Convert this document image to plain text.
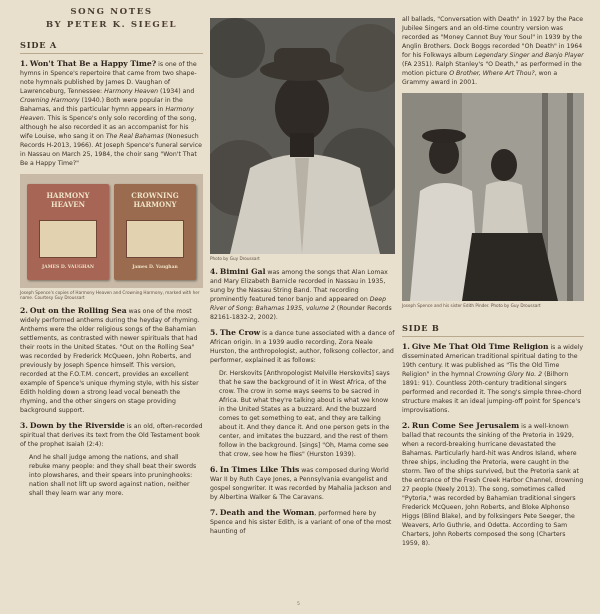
SONG NOTES
BY PETER K. SIEGEL
SIDE A
1. Won't That Be a Happy Time? is one of the hymns in Spence's repertoire that came from two shape-note hymnals published by James D. Vaughan of Lawrenceburg, Tennessee: Harmony Heaven (1934) and Crowning Harmony (1940.) Both were popular in the Bahamas, and this particular hymn appears in Harmony Heaven. This is Spence's only solo recording of the song, although he also recorded it as an accompanist for his wife Louise, who sang it on The Real Bahamas (Nonesuch Records H-2013, 1966). At Joseph Spence's funeral service in Nassau on March 25, 1984, the choir sang "Won't That Be a Happy Time?"
HARMONY
HEAVEN
JAMES D. VAUGHAN
CROWNING
HARMONY
James D. Vaughan
Joseph Spence's copies of Harmony Heaven and Crowning Harmony, marked with her name. Courtesy Guy Droussart
2. Out on the Rolling Sea was one of the most widely performed anthems during the heyday of rhyming. Anthems were the older religious songs of the Bahamian settlements, as contrasted with newer spirituals that had their roots in the United States. "Out on the Rolling Sea" was recorded by Frederick McQueen, John Roberts, and previously by Joseph Spence himself. This version, recorded at the F.O.T.M. concert, provides an excellent example of Spence's unique rhyming style, with his sister Edith holding down a strong lead vocal beneath the rhyming, and the other singers on stage providing background support.
3. Down by the Riverside is an old, often-recorded spiritual that derives its text from the Old Testament book of the prophet Isaiah (2:4):
And he shall judge among the nations, and shall rebuke many people: and they shall beat their swords into plowshares, and their spears into pruninghooks: nation shall not lift up sword against nation, neither shall they learn war any more.
Photo by Guy Droussart
4. Bimini Gal was among the songs that Alan Lomax and Mary Elizabeth Barnicle recorded in Nassau in 1935, sung by the Nassau String Band. That recording prominently featured tenor banjo and appeared on Deep River of Song: Bahamas 1935, volume 2 (Rounder Records 82161-1832-2, 2002).
5. The Crow is a dance tune associated with a dance of African origin. In a 1939 audio recording, Zora Neale Hurston, the anthropologist, author, folksong collector, and performer, explained it as follows:
Dr. Herskovits [Anthropologist Melville Herskovits] says that he saw the background of it in West Africa, of the crow. The crow in some ways seems to be sacred in Africa. But what they're talking about is what we know in the United States as a buzzard. And the buzzard comes to get something to eat, and they are talking about it. And they dance it. And one person gets in the center, and imitates the buzzard, and the rest of them follow in the background. [sings] "Oh, Mama come see that crow, see how he flies" (Hurston 1939).
6. In Times Like This was composed during World War II by Ruth Caye Jones, a Pennsylvania evangelist and gospel songwriter. It was recorded by Mahalia Jackson and by Albertina Walker & The Caravans.
7. Death and the Woman, performed here by Spence and his sister Edith, is a variant of one of the most haunting of
all ballads, "Conversation with Death" in 1927 by the Pace Jubilee Singers and an old-time country version was recorded as "Money Cannot Buy Your Soul" in 1939 by the Anglin Brothers. Dock Boggs recorded "Oh Death" in 1964 for his Folkways album Legendary Singer and Banjo Player (FA 2351). Ralph Stanley's "O Death," as performed in the motion picture O Brother, Where Art Thou?, won a Grammy award in 2001.
Joseph Spence and his sister Edith Pinder. Photo by Guy Droussart
SIDE B
1. Give Me That Old Time Religion is a widely disseminated American traditional spiritual dating to the 19th century. It was published as "Tis the Old Time Religion" in the hymnal Crowning Glory No. 2 (Bilhorn 1891: 91). Countless 20th-century traditional singers performed and recorded it. The song's simple three-chord structure makes it an ideal jumping-off point for Spence's improvisations.
2. Run Come See Jerusalem is a well-known ballad that recounts the sinking of the Pretoria in 1929, when a record-breaking hurricane devastated the Bahamas. Particularly hard-hit was Andros Island, where three ships, including the Pretoria, were caught in the storm. Two of the ships survived, but the Pretoria sank at the entrance of the Fresh Creek Harbor Channel, drowning 27 people (Neely 2013). The song, sometimes called "Pytoria," was recorded by Bahamian traditional singers Frederick McQueen, John Roberts, and Bloke Alphonso Higgs (Blind Blake), and by folksingers Pete Seeger, the Weavers, Arlo Guthrie, and Odetta. According to Sam Charters, John Roberts composed the song (Charters 1959, 8).
5
